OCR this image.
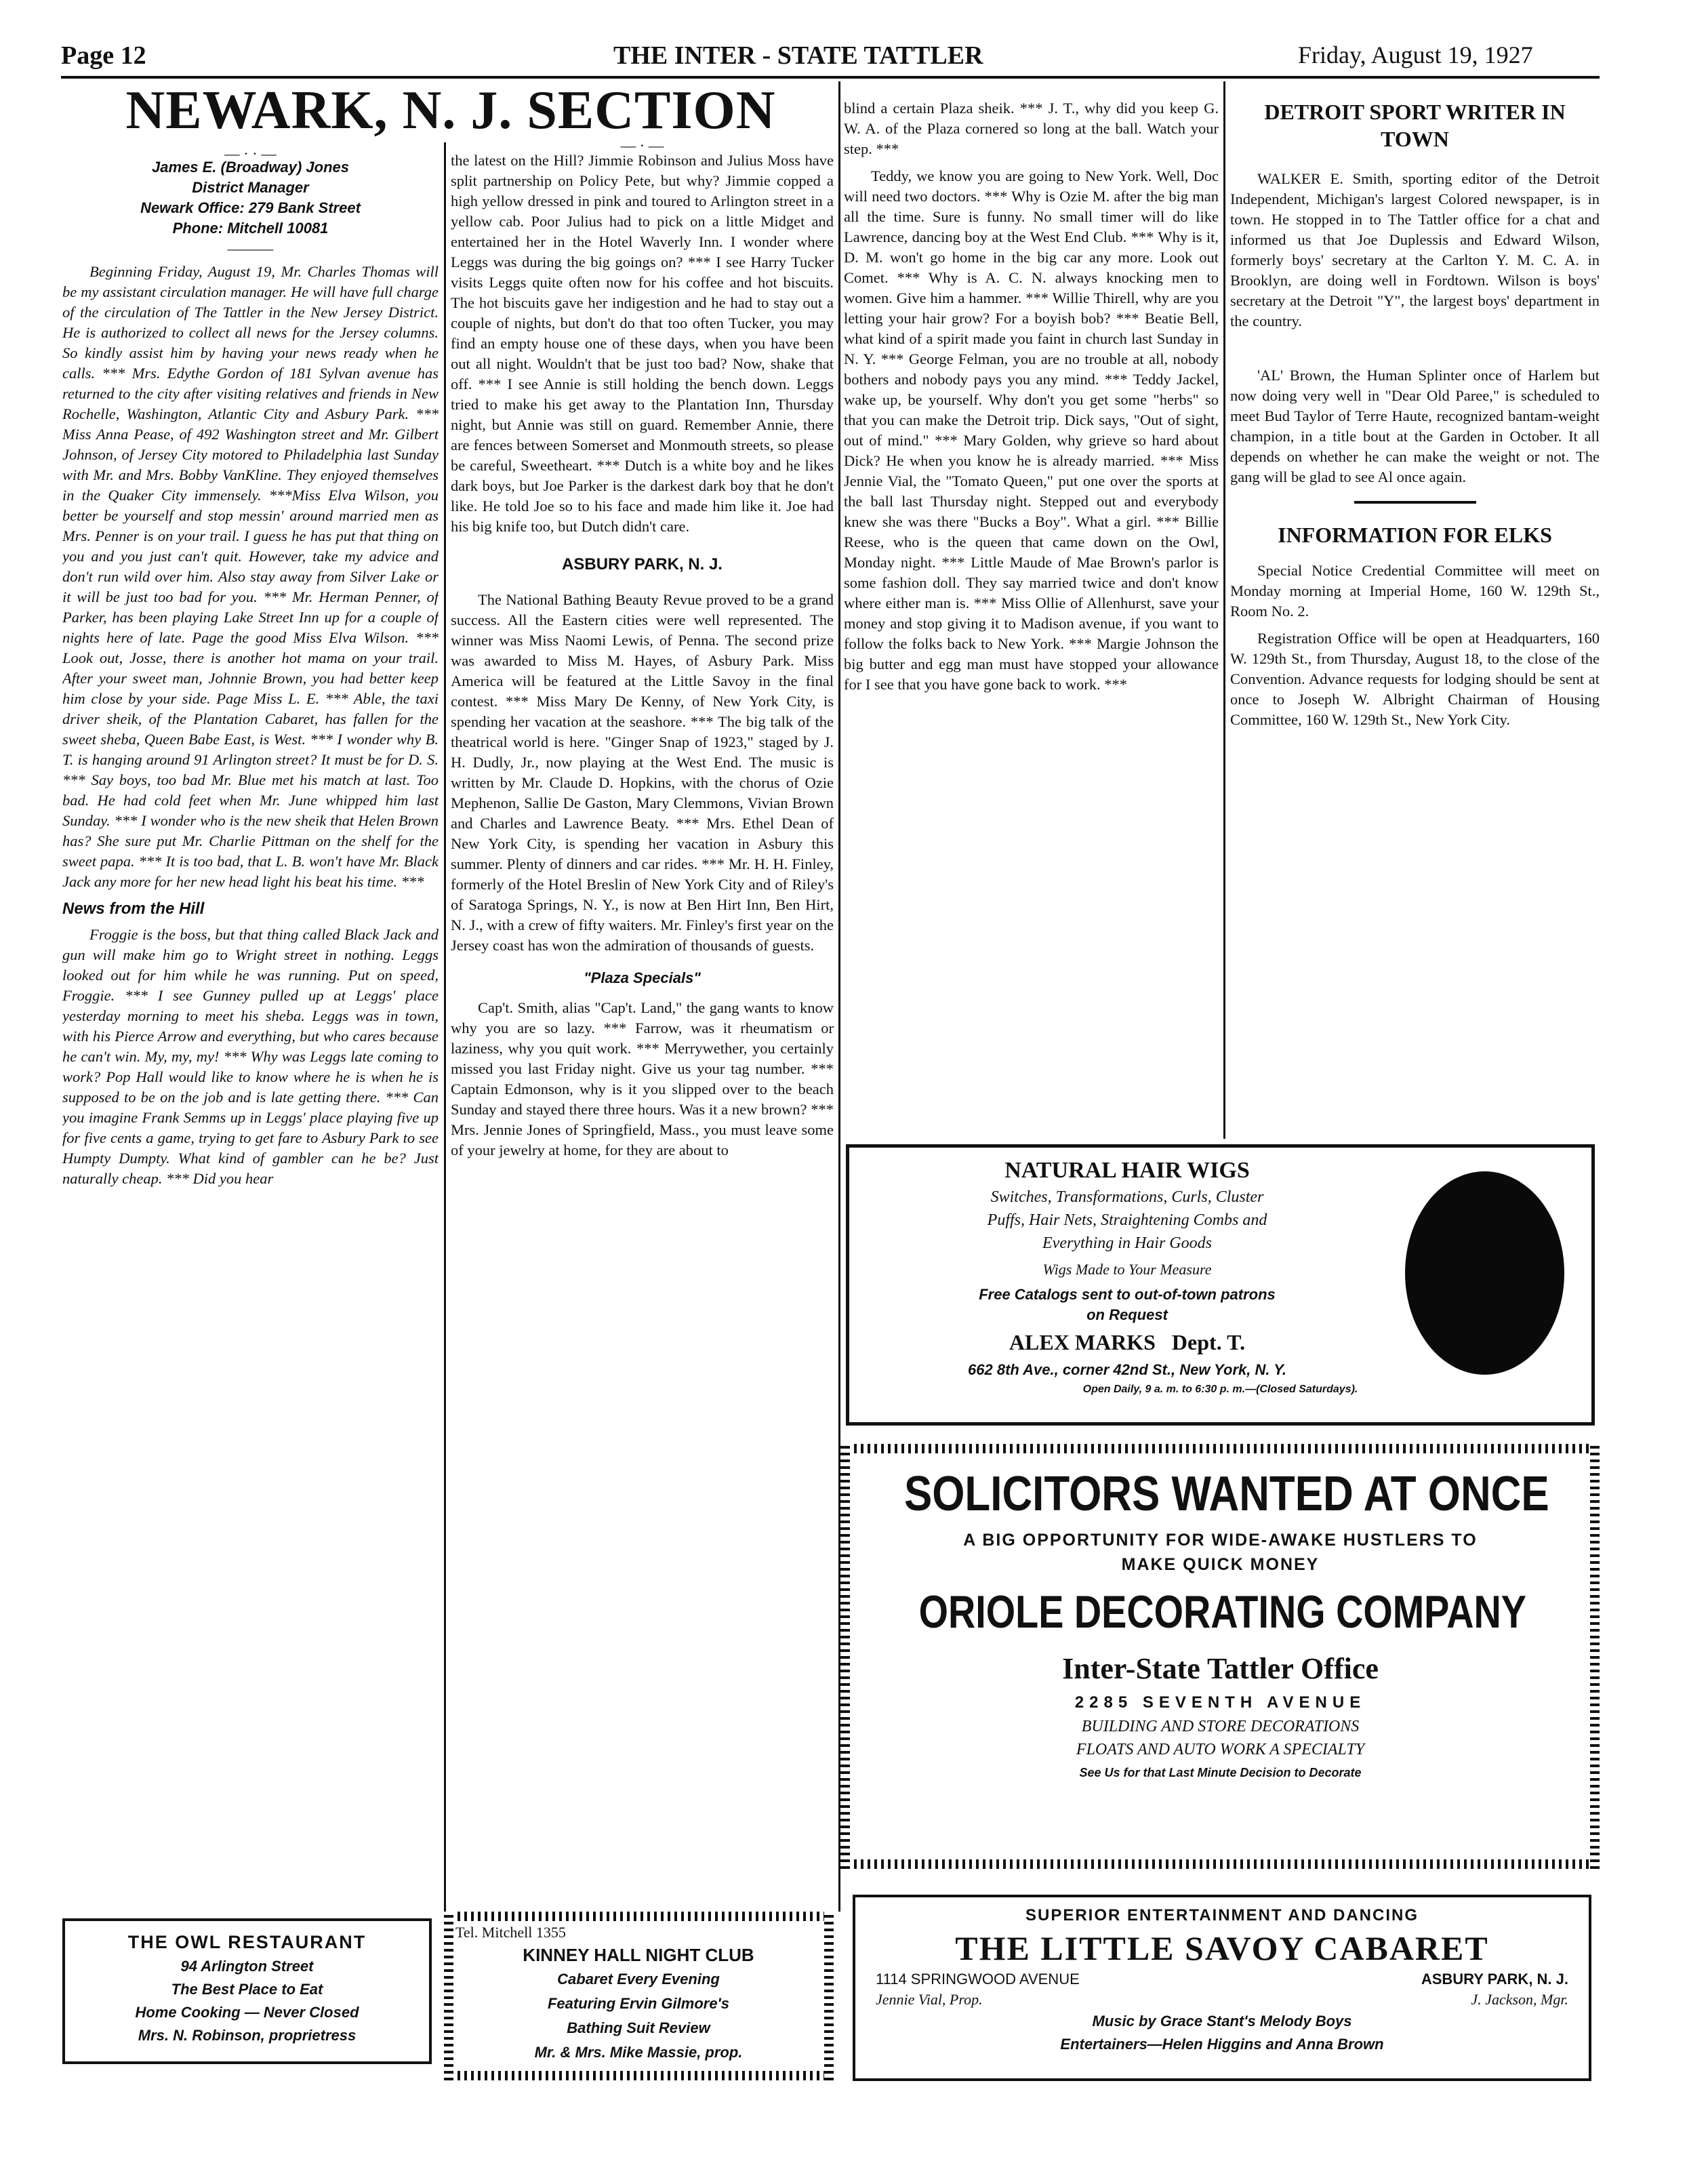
Page 12	THE INTER - STATE TATTLER	Friday, August 19, 1927
NEWARK, N. J. SECTION
— · · —
James E. (Broadway) Jones
District Manager
Newark Office: 279 Bank Street
Phone: Mitchell 10081
———

Beginning Friday, August 19, Mr. Charles Thomas will be my assistant circulation manager. He will have full charge of the circulation of The Tattler in the New Jersey District. He is authorized to collect all news for the Jersey columns. So kindly assist him by having your news ready when he calls. *** Mrs. Edythe Gordon of 181 Sylvan avenue has returned to the city after visiting relatives and friends in New Rochelle, Washington, Atlantic City and Asbury Park. *** Miss Anna Pease, of 492 Washington street and Mr. Gilbert Johnson, of Jersey City motored to Philadelphia last Sunday with Mr. and Mrs. Bobby VanKline. They enjoyed themselves in the Quaker City immensely. ***Miss Elva Wilson, you better be yourself and stop messin' around married men as Mrs. Penner is on your trail. I guess he has put that thing on you and you just can't quit. However, take my advice and don't run wild over him. Also stay away from Silver Lake or it will be just too bad for you. *** Mr. Herman Penner, of Parker, has been playing Lake Street Inn up for a couple of nights here of late. Page the good Miss Elva Wilson. *** Look out, Josse, there is another hot mama on your trail. After your sweet man, Johnnie Brown, you had better keep him close by your side. Page Miss L. E. *** Able, the taxi driver sheik, of the Plantation Cabaret, has fallen for the sweet sheba, Queen Babe East, is West. *** I wonder why B. T. is hanging around 91 Arlington street? It must be for D. S. *** Say boys, too bad Mr. Blue met his match at last. Too bad. He had cold feet when Mr. June whipped him last Sunday. *** I wonder who is the new sheik that Helen Brown has? She sure put Mr. Charlie Pittman on the shelf for the sweet papa. *** It is too bad, that L. B. won't have Mr. Black Jack any more for her new head light his beat his time. ***

News from the Hill

Froggie is the boss, but that thing called Black Jack and gun will make him go to Wright street in nothing. Leggs looked out for him while he was running. Put on speed, Froggie. *** I see Gunney pulled up at Leggs' place yesterday morning to meet his sheba. Leggs was in town, with his Pierce Arrow and everything, but who cares because he can't win. My, my, my! *** Why was Leggs late coming to work? Pop Hall would like to know where he is when he is supposed to be on the job and is late getting there. *** Can you imagine Frank Semms up in Leggs' place playing five up for five cents a game, trying to get fare to Asbury Park to see Humpty Dumpty. What kind of gambler can he be? Just naturally cheap. *** Did you hear

— · —

the latest on the Hill? Jimmie Robinson and Julius Moss have split partnership on Policy Pete, but why? Jimmie copped a high yellow dressed in pink and toured to Arlington street in a yellow cab. Poor Julius had to pick on a little Midget and entertained her in the Hotel Waverly Inn. I wonder where Leggs was during the big goings on? *** I see Harry Tucker visits Leggs quite often now for his coffee and hot biscuits. The hot biscuits gave her indigestion and he had to stay out a couple of nights, but don't do that too often Tucker, you may find an empty house one of these days, when you have been out all night. Wouldn't that be just too bad? Now, shake that off. *** I see Annie is still holding the bench down. Leggs tried to make his get away to the Plantation Inn, Thursday night, but Annie was still on guard. Remember Annie, there are fences between Somerset and Monmouth streets, so please be careful, Sweetheart. *** Dutch is a white boy and he likes dark boys, but Joe Parker is the darkest dark boy that he don't like. He told Joe so to his face and made him like it. Joe had his big knife too, but Dutch didn't care.

ASBURY PARK, N. J.

The National Bathing Beauty Revue proved to be a grand success. All the Eastern cities were well represented. The winner was Miss Naomi Lewis, of Penna. The second prize was awarded to Miss M. Hayes, of Asbury Park. Miss America will be featured at the Little Savoy in the final contest. *** Miss Mary De Kenny, of New York City, is spending her vacation at the seashore. *** The big talk of the theatrical world is here. "Ginger Snap of 1923," staged by J. H. Dudly, Jr., now playing at the West End. The music is written by Mr. Claude D. Hopkins, with the chorus of Ozie Mephenon, Sallie De Gaston, Mary Clemmons, Vivian Brown and Charles and Lawrence Beaty. *** Mrs. Ethel Dean of New York City, is spending her vacation in Asbury this summer. Plenty of dinners and car rides. *** Mr. H. H. Finley, formerly of the Hotel Breslin of New York City and of Riley's of Saratoga Springs, N. Y., is now at Ben Hirt Inn, Ben Hirt, N. J., with a crew of fifty waiters. Mr. Finley's first year on the Jersey coast has won the admiration of thousands of guests.

"Plaza Specials"

Cap't. Smith, alias "Cap't. Land," the gang wants to know why you are so lazy. *** Farrow, was it rheumatism or laziness, why you quit work. *** Merrywether, you certainly missed you last Friday night. Give us your tag number. *** Captain Edmonson, why is it you slipped over to the beach Sunday and stayed there three hours. Was it a new brown? *** Mrs. Jennie Jones of Springfield, Mass., you must leave some of your jewelry at home, for they are about to

blind a certain Plaza sheik. *** J. T., why did you keep G. W. A. of the Plaza cornered so long at the ball. Watch your step. ***

Teddy, we know you are going to New York. Well, Doc will need two doctors. *** Why is Ozie M. after the big man all the time. Sure is funny. No small timer will do like Lawrence, dancing boy at the West End Club. *** Why is it, D. M. won't go home in the big car any more. Look out Comet. *** Why is A. C. N. always knocking men to women. Give him a hammer. *** Willie Thirell, why are you letting your hair grow? For a boyish bob? *** Beatie Bell, what kind of a spirit made you faint in church last Sunday in N. Y. *** George Felman, you are no trouble at all, nobody bothers and nobody pays you any mind. *** Teddy Jackel, wake up, be yourself. Why don't you get some "herbs" so that you can make the Detroit trip. Dick says, "Out of sight, out of mind." *** Mary Golden, why grieve so hard about Dick? He when you know he is already married. *** Miss Jennie Vial, the "Tomato Queen," put one over the sports at the ball last Thursday night. Stepped out and everybody knew she was there "Bucks a Boy". What a girl. *** Billie Reese, who is the queen that came down on the Owl, Monday night. *** Little Maude of Mae Brown's parlor is some fashion doll. They say married twice and don't know where either man is. *** Miss Ollie of Allenhurst, save your money and stop giving it to Madison avenue, if you want to follow the folks back to New York. *** Margie Johnson the big butter and egg man must have stopped your allowance for I see that you have gone back to work. ***

DETROIT SPORT WRITER IN TOWN

WALKER E. Smith, sporting editor of the Detroit Independent, Michigan's largest Colored newspaper, is in town. He stopped in to The Tattler office for a chat and informed us that Joe Duplessis and Edward Wilson, formerly boys' secretary at the Carlton Y. M. C. A. in Brooklyn, are doing well in Fordtown. Wilson is boys' secretary at the Detroit "Y", the largest boys' department in the country.

'AL' Brown, the Human Splinter once of Harlem but now doing very well in "Dear Old Paree," is scheduled to meet Bud Taylor of Terre Haute, recognized bantam-weight champion, in a title bout at the Garden in October. It all depends on whether he can make the weight or not. The gang will be glad to see Al once again.

INFORMATION FOR ELKS

Special Notice Credential Committee will meet on Monday morning at Imperial Home, 160 W. 129th St., Room No. 2.

Registration Office will be open at Headquarters, 160 W. 129th St., from Thursday, August 18, to the close of the Convention. Advance requests for lodging should be sent at once to Joseph W. Albright Chairman of Housing Committee, 160 W. 129th St., New York City.

NATURAL HAIR WIGS

Switches, Transformations, Curls, Cluster

Puffs, Hair Nets, Straightening Combs and

Everything in Hair Goods

Wigs Made to Your Measure

Free Catalogs sent to out-of-town patrons

on Request

ALEX MARKS   Dept. T.

662 8th Ave., corner 42nd St., New York, N. Y.

Open Daily, 9 a. m. to 6:30 p. m.—(Closed Saturdays).

SOLICITORS WANTED AT ONCE

A BIG OPPORTUNITY FOR WIDE-AWAKE HUSTLERS TO

MAKE QUICK MONEY

ORIOLE DECORATING COMPANY

Inter-State Tattler Office

2285 SEVENTH AVENUE

BUILDING AND STORE DECORATIONS

FLOATS AND AUTO WORK A SPECIALTY

See Us for that Last Minute Decision to Decorate

THE OWL RESTAURANT

94 Arlington Street

The Best Place to Eat

Home Cooking — Never Closed

Mrs. N. Robinson, proprietress

Tel. Mitchell 1355

KINNEY HALL NIGHT CLUB

Cabaret Every Evening

Featuring Ervin Gilmore's

Bathing Suit Review

Mr. & Mrs. Mike Massie, prop.

SUPERIOR ENTERTAINMENT AND DANCING

THE LITTLE SAVOY CABARET

1114 SPRINGWOOD AVENUE	ASBURY PARK, N. J.
Jennie Vial, Prop.	J. Jackson, Mgr.

Music by Grace Stant's Melody Boys

Entertainers—Helen Higgins and Anna Brown
